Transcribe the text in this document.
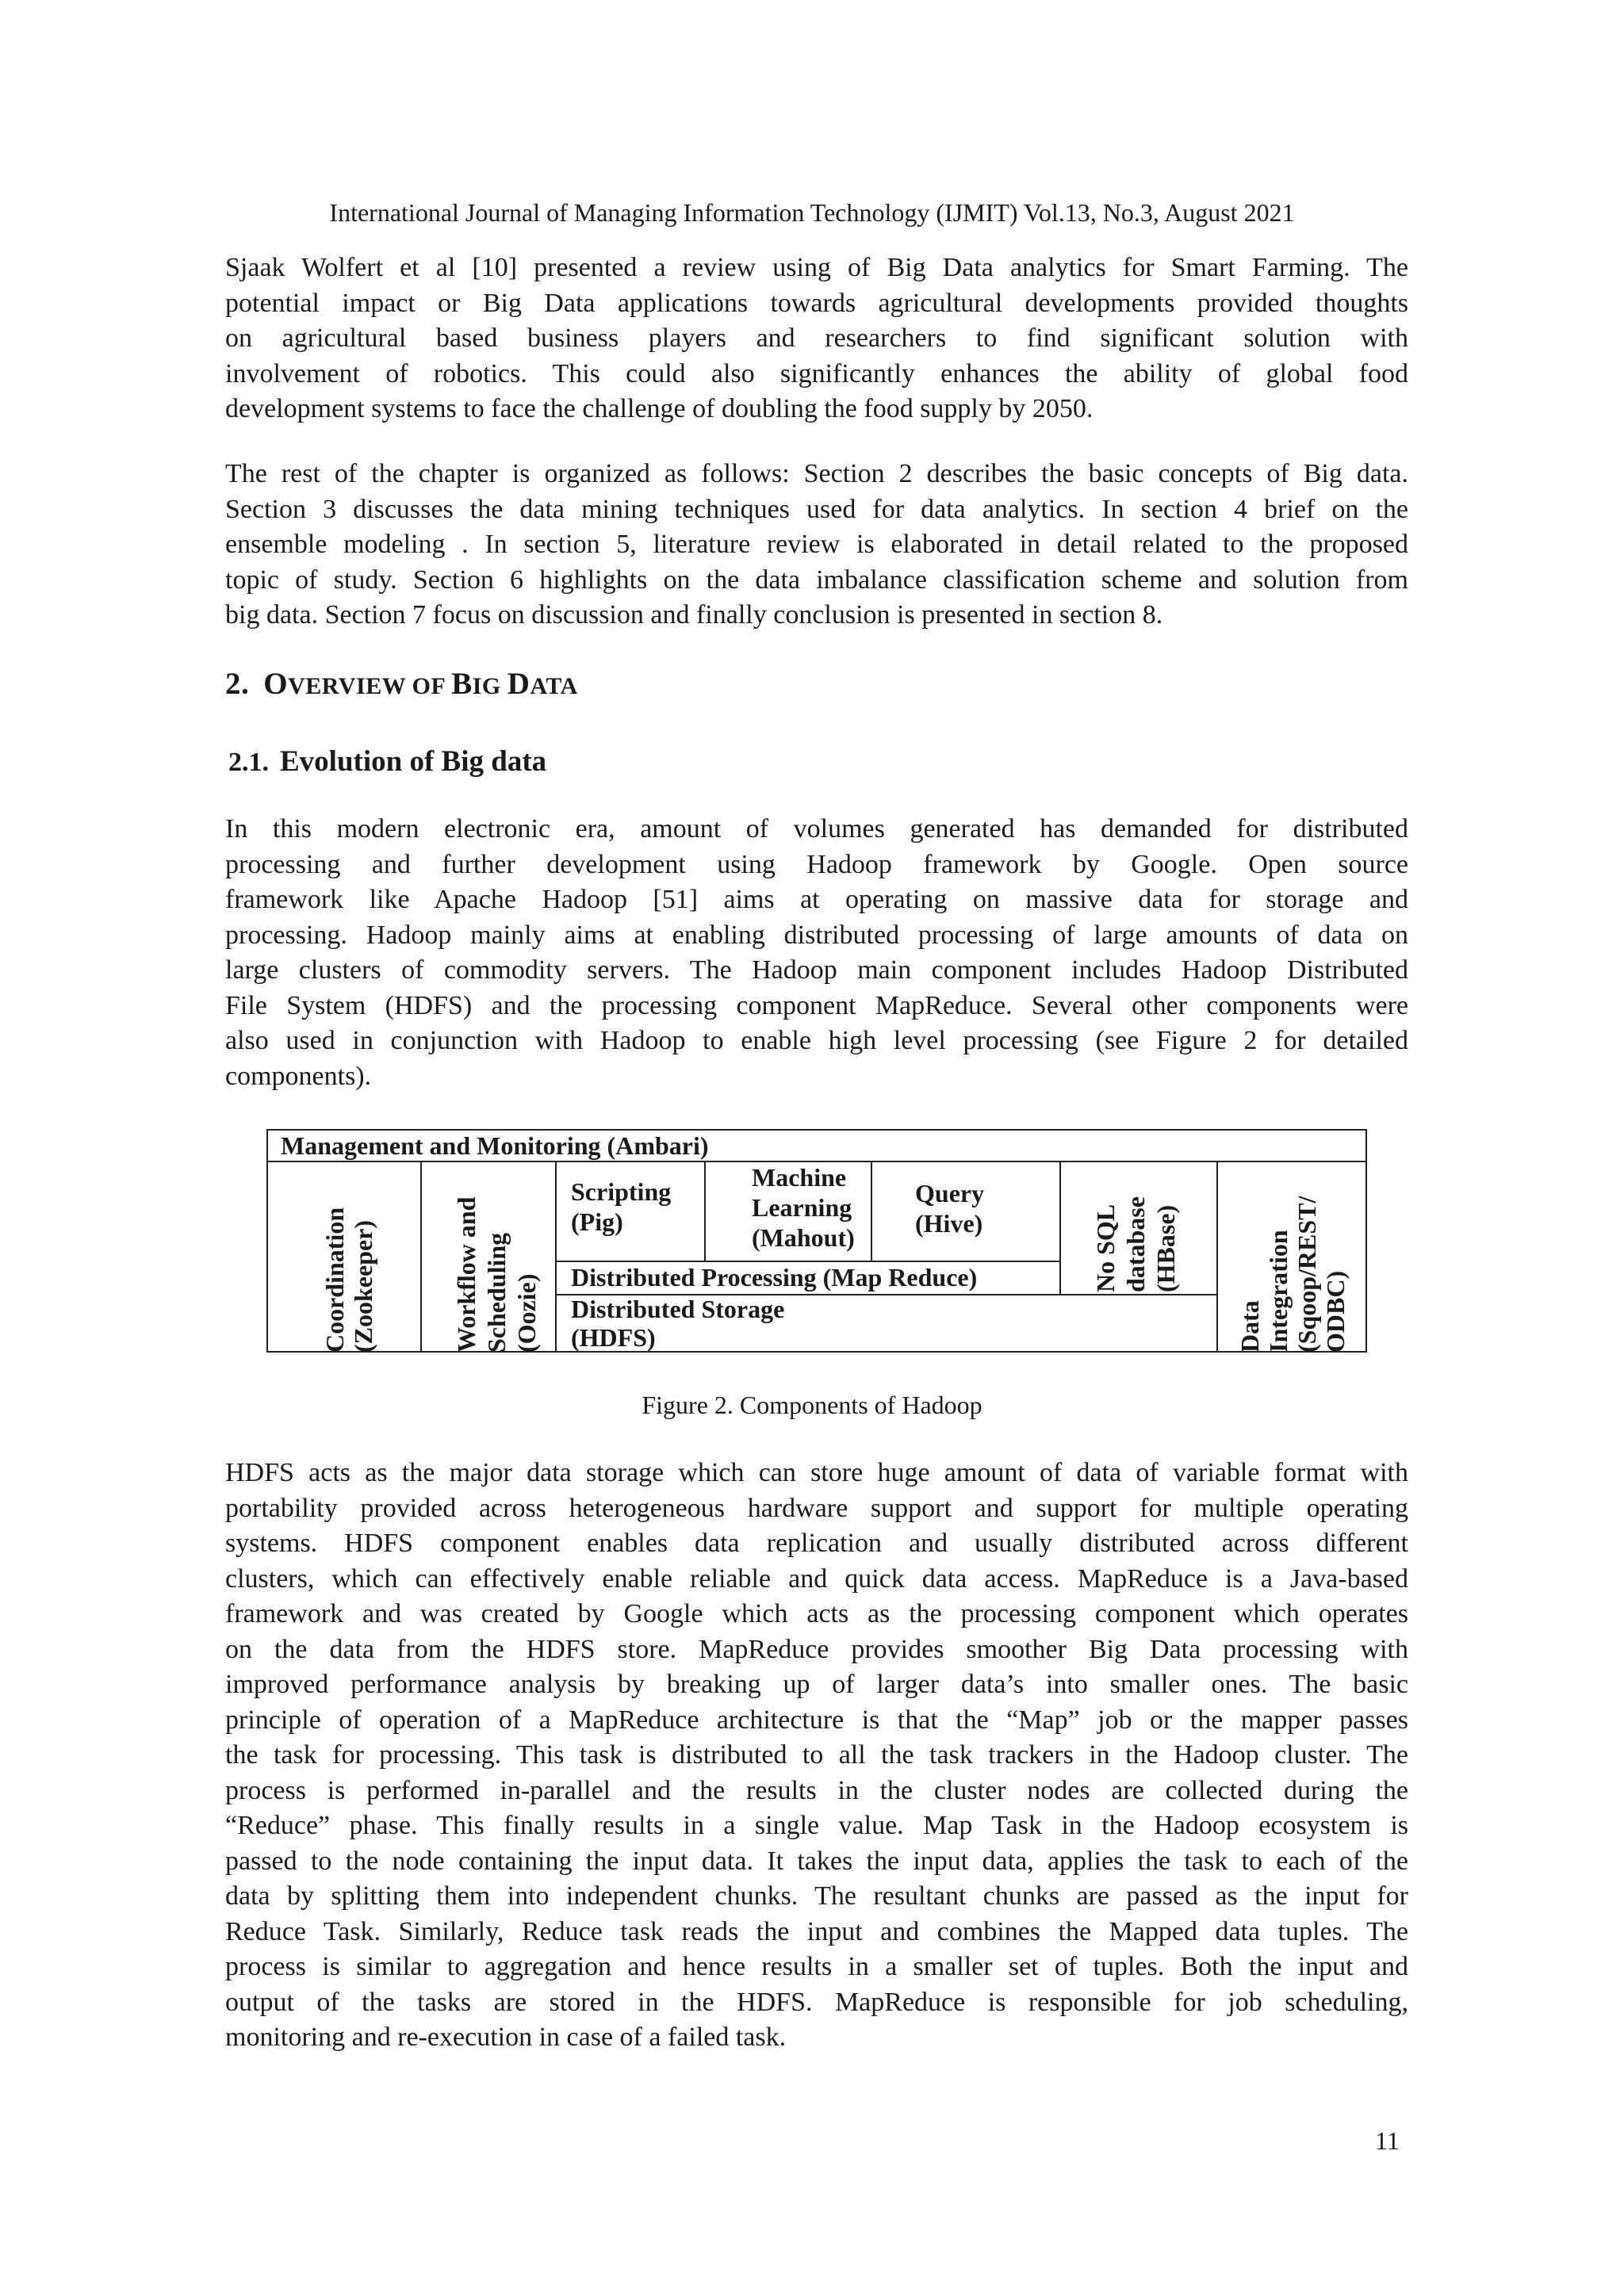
International Journal of Managing Information Technology (IJMIT) Vol.13, No.3, August 2021
Sjaak Wolfert et al [10] presented a review using of Big Data analytics for Smart Farming. The
potential impact or Big Data applications towards agricultural developments provided thoughts
on agricultural based business players and researchers to find significant solution with
involvement of robotics. This could also significantly enhances the ability of global food
development systems to face the challenge of doubling the food supply by 2050.
The rest of the chapter is organized as follows: Section 2 describes the basic concepts of Big data.
Section 3 discusses the data mining techniques used for data analytics. In section 4 brief on the
ensemble modeling . In section 5, literature review is elaborated in detail related to the proposed
topic of study. Section 6 highlights on the data imbalance classification scheme and solution from
big data. Section 7 focus on discussion and finally conclusion is presented in section 8.
2. OVERVIEW OF BIG DATA
2.1. Evolution of Big data
In this modern electronic era, amount of volumes generated has demanded for distributed
processing and further development using Hadoop framework by Google. Open source
framework like Apache Hadoop [51] aims at operating on massive data for storage and
processing. Hadoop mainly aims at enabling distributed processing of large amounts of data on
large clusters of commodity servers. The Hadoop main component includes Hadoop Distributed
File System (HDFS) and the processing component MapReduce. Several other components were
also used in conjunction with Hadoop to enable high level processing (see Figure 2 for detailed
components).
Management and Monitoring (Ambari)
Scripting
(Pig)
Machine
Learning
(Mahout)
Query
(Hive)
Distributed Processing (Map Reduce)
Distributed Storage
(HDFS)
Coordination (Zookeeper)	Workflow and Scheduling (Oozie)
No SQL database (HBase)
Data Integration (Sqoop/REST/ ODBC)
Figure 2. Components of Hadoop
HDFS acts as the major data storage which can store huge amount of data of variable format with
portability provided across heterogeneous hardware support and support for multiple operating
systems. HDFS component enables data replication and usually distributed across different
clusters, which can effectively enable reliable and quick data access. MapReduce is a Java-based
framework and was created by Google which acts as the processing component which operates
on the data from the HDFS store. MapReduce provides smoother Big Data processing with
improved performance analysis by breaking up of larger data’s into smaller ones. The basic
principle of operation of a MapReduce architecture is that the “Map” job or the mapper passes
the task for processing. This task is distributed to all the task trackers in the Hadoop cluster. The
process is performed in-parallel and the results in the cluster nodes are collected during the
“Reduce” phase. This finally results in a single value. Map Task in the Hadoop ecosystem is
passed to the node containing the input data. It takes the input data, applies the task to each of the
data by splitting them into independent chunks. The resultant chunks are passed as the input for
Reduce Task. Similarly, Reduce task reads the input and combines the Mapped data tuples. The
process is similar to aggregation and hence results in a smaller set of tuples. Both the input and
output of the tasks are stored in the HDFS. MapReduce is responsible for job scheduling,
monitoring and re-execution in case of a failed task.
11
